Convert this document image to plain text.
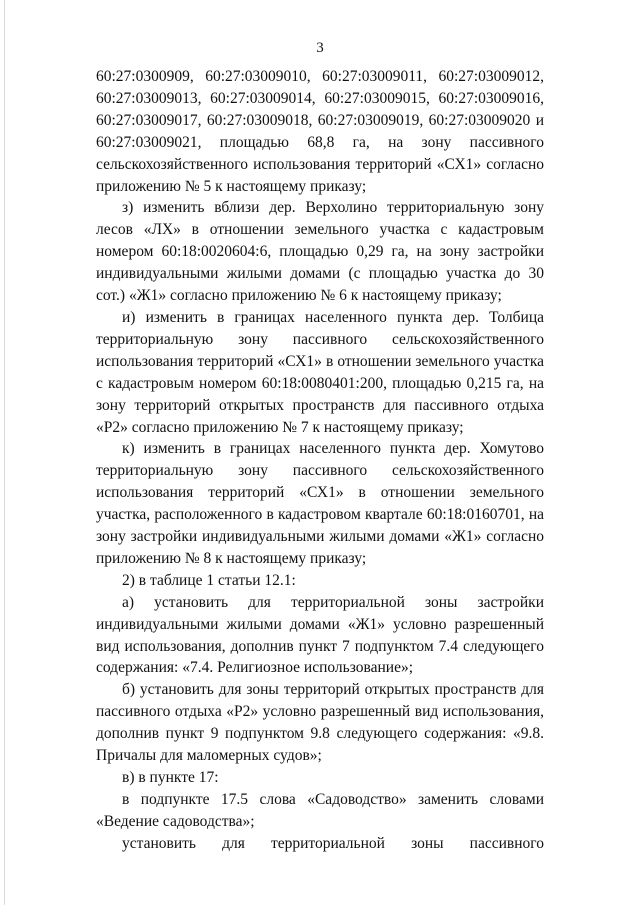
3

60:27:0300909, 60:27:03009010, 60:27:03009011, 60:27:03009012, 60:27:03009013, 60:27:03009014, 60:27:03009015, 60:27:03009016, 60:27:03009017, 60:27:03009018, 60:27:03009019, 60:27:03009020 и 60:27:03009021, площадью 68,8 га, на зону пассивного сельскохозяйственного использования территорий «СХ1» согласно приложению № 5 к настоящему приказу;

з) изменить вблизи дер. Верхолино территориальную зону лесов «ЛХ» в отношении земельного участка с кадастровым номером 60:18:0020604:6, площадью 0,29 га, на зону застройки индивидуальными жилыми домами (с площадью участка до 30 сот.) «Ж1» согласно приложению № 6 к настоящему приказу;

и) изменить в границах населенного пункта дер. Толбица территориальную зону пассивного сельскохозяйственного использования территорий «СХ1» в отношении земельного участка с кадастровым номером 60:18:0080401:200, площадью 0,215 га, на зону территорий открытых пространств для пассивного отдыха «Р2» согласно приложению № 7 к настоящему приказу;

к) изменить в границах населенного пункта дер. Хомутово территориальную зону пассивного сельскохозяйственного использования территорий «СХ1» в отношении земельного участка, расположенного в кадастровом квартале 60:18:0160701, на зону застройки индивидуальными жилыми домами «Ж1» согласно приложению № 8 к настоящему приказу;

2) в таблице 1 статьи 12.1:

а) установить для территориальной зоны застройки индивидуальными жилыми домами «Ж1» условно разрешенный вид использования, дополнив пункт 7 подпунктом 7.4 следующего содержания: «7.4. Религиозное использование»;

б) установить для зоны территорий открытых пространств для пассивного отдыха «Р2» условно разрешенный вид использования, дополнив пункт 9 подпунктом 9.8 следующего содержания: «9.8. Причалы для маломерных судов»;

в) в пункте 17:

в подпункте 17.5 слова «Садоводство» заменить словами «Ведение садоводства»;

установить для территориальной зоны пассивного
